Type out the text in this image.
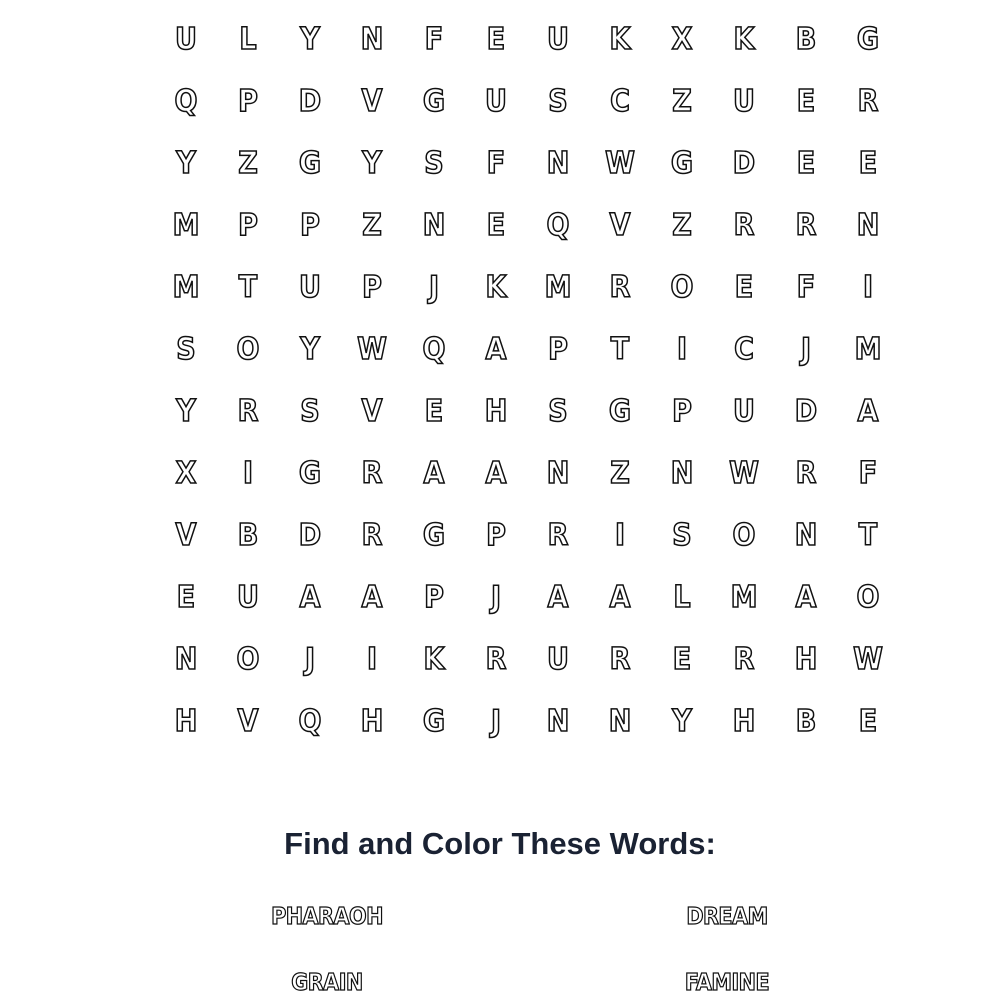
U	L	Y	N	F	E	U	K	X	K	B	G
Q	P	D	V	G	U	S	C	Z	U	E	R
Y	Z	G	Y	S	F	N	W	G	D	E	E
M	P	P	Z	N	E	Q	V	Z	R	R	N
M	T	U	P	J	K	M	R	O	E	F	I
S	O	Y	W	Q	A	P	T	I	C	J	M
Y	R	S	V	E	H	S	G	P	U	D	A
X	I	G	R	A	A	N	Z	N	W	R	F
V	B	D	R	G	P	R	I	S	O	N	T
E	U	A	A	P	J	A	A	L	M	A	O
N	O	J	I	K	R	U	R	E	R	H	W
H	V	Q	H	G	J	N	N	Y	H	B	E
Find and Color These Words:
PHARAOH	DREAM
GRAIN	FAMINE
